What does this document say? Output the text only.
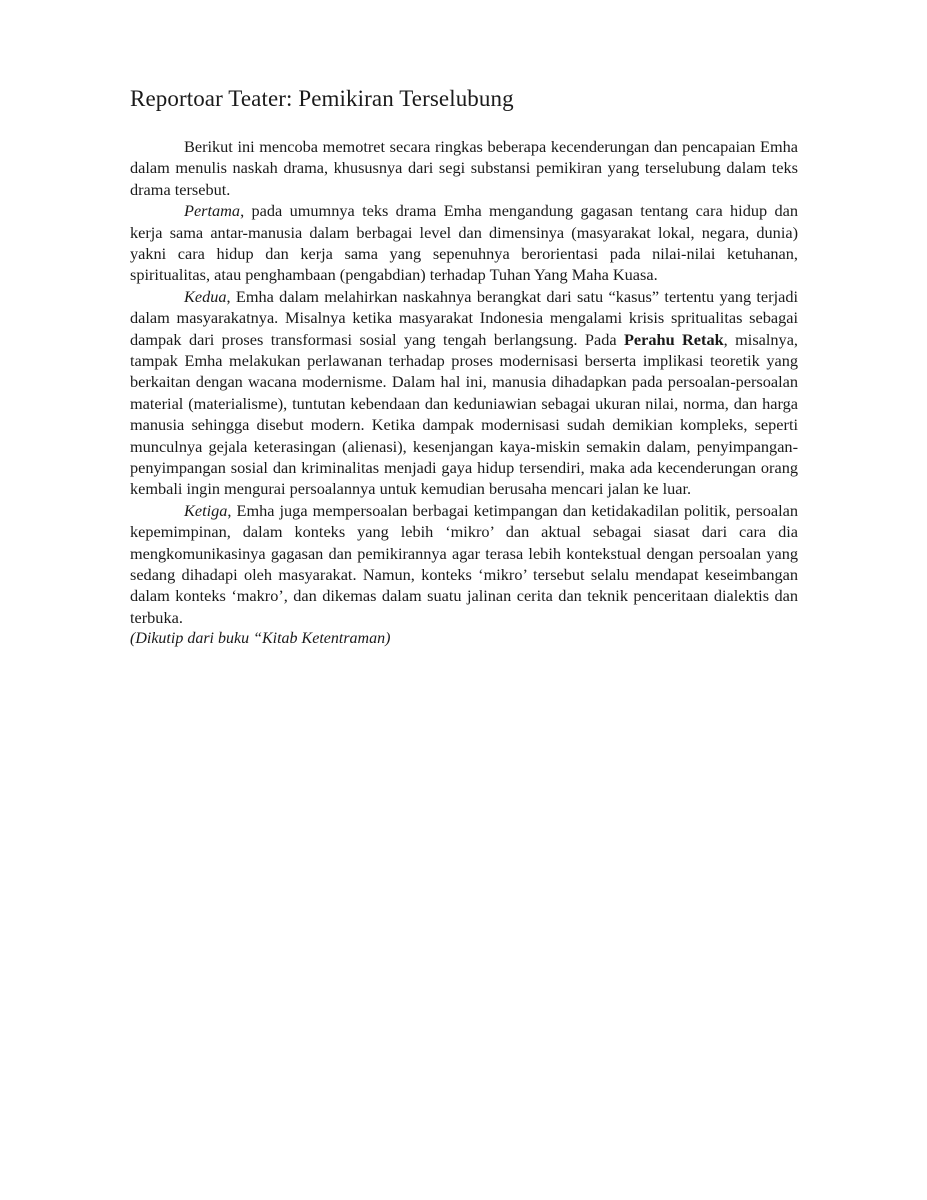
Reportoar Teater: Pemikiran Terselubung

Berikut ini mencoba memotret secara ringkas beberapa kecenderungan dan pencapaian Emha dalam menulis naskah drama, khususnya dari segi substansi pemikiran yang terselubung dalam teks drama tersebut.

Pertama, pada umumnya teks drama Emha mengandung gagasan tentang cara hidup dan kerja sama antar-manusia dalam berbagai level dan dimensinya (masyarakat lokal, negara, dunia) yakni cara hidup dan kerja sama yang sepenuhnya berorientasi pada nilai-nilai ketuhanan, spiritualitas, atau penghambaan (pengabdian) terhadap Tuhan Yang Maha Kuasa.

Kedua, Emha dalam melahirkan naskahnya berangkat dari satu “kasus” tertentu yang terjadi dalam masyarakatnya. Misalnya ketika masyarakat Indonesia mengalami krisis spritualitas sebagai dampak dari proses transformasi sosial yang tengah berlangsung. Pada Perahu Retak, misalnya, tampak Emha melakukan perlawanan terhadap proses modernisasi berserta implikasi teoretik yang berkaitan dengan wacana modernisme. Dalam hal ini, manusia dihadapkan pada persoalan-persoalan material (materialisme), tuntutan kebendaan dan keduniawian sebagai ukuran nilai, norma, dan harga manusia sehingga disebut modern. Ketika dampak modernisasi sudah demikian kompleks, seperti munculnya gejala keterasingan (alienasi), kesenjangan kaya-miskin semakin dalam, penyimpangan-penyimpangan sosial dan kriminalitas menjadi gaya hidup tersendiri, maka ada kecenderungan orang kembali ingin mengurai persoalannya untuk kemudian berusaha mencari jalan ke luar.

Ketiga, Emha juga mempersoalan berbagai ketimpangan dan ketidakadilan politik, persoalan kepemimpinan, dalam konteks yang lebih ‘mikro’ dan aktual sebagai siasat dari cara dia mengkomunikasinya gagasan dan pemikirannya agar terasa lebih kontekstual dengan persoalan yang sedang dihadapi oleh masyarakat. Namun, konteks ‘mikro’ tersebut selalu mendapat keseimbangan dalam konteks ‘makro’, dan dikemas dalam suatu jalinan cerita dan teknik penceritaan dialektis dan terbuka.

(Dikutip dari buku “Kitab Ketentraman)
